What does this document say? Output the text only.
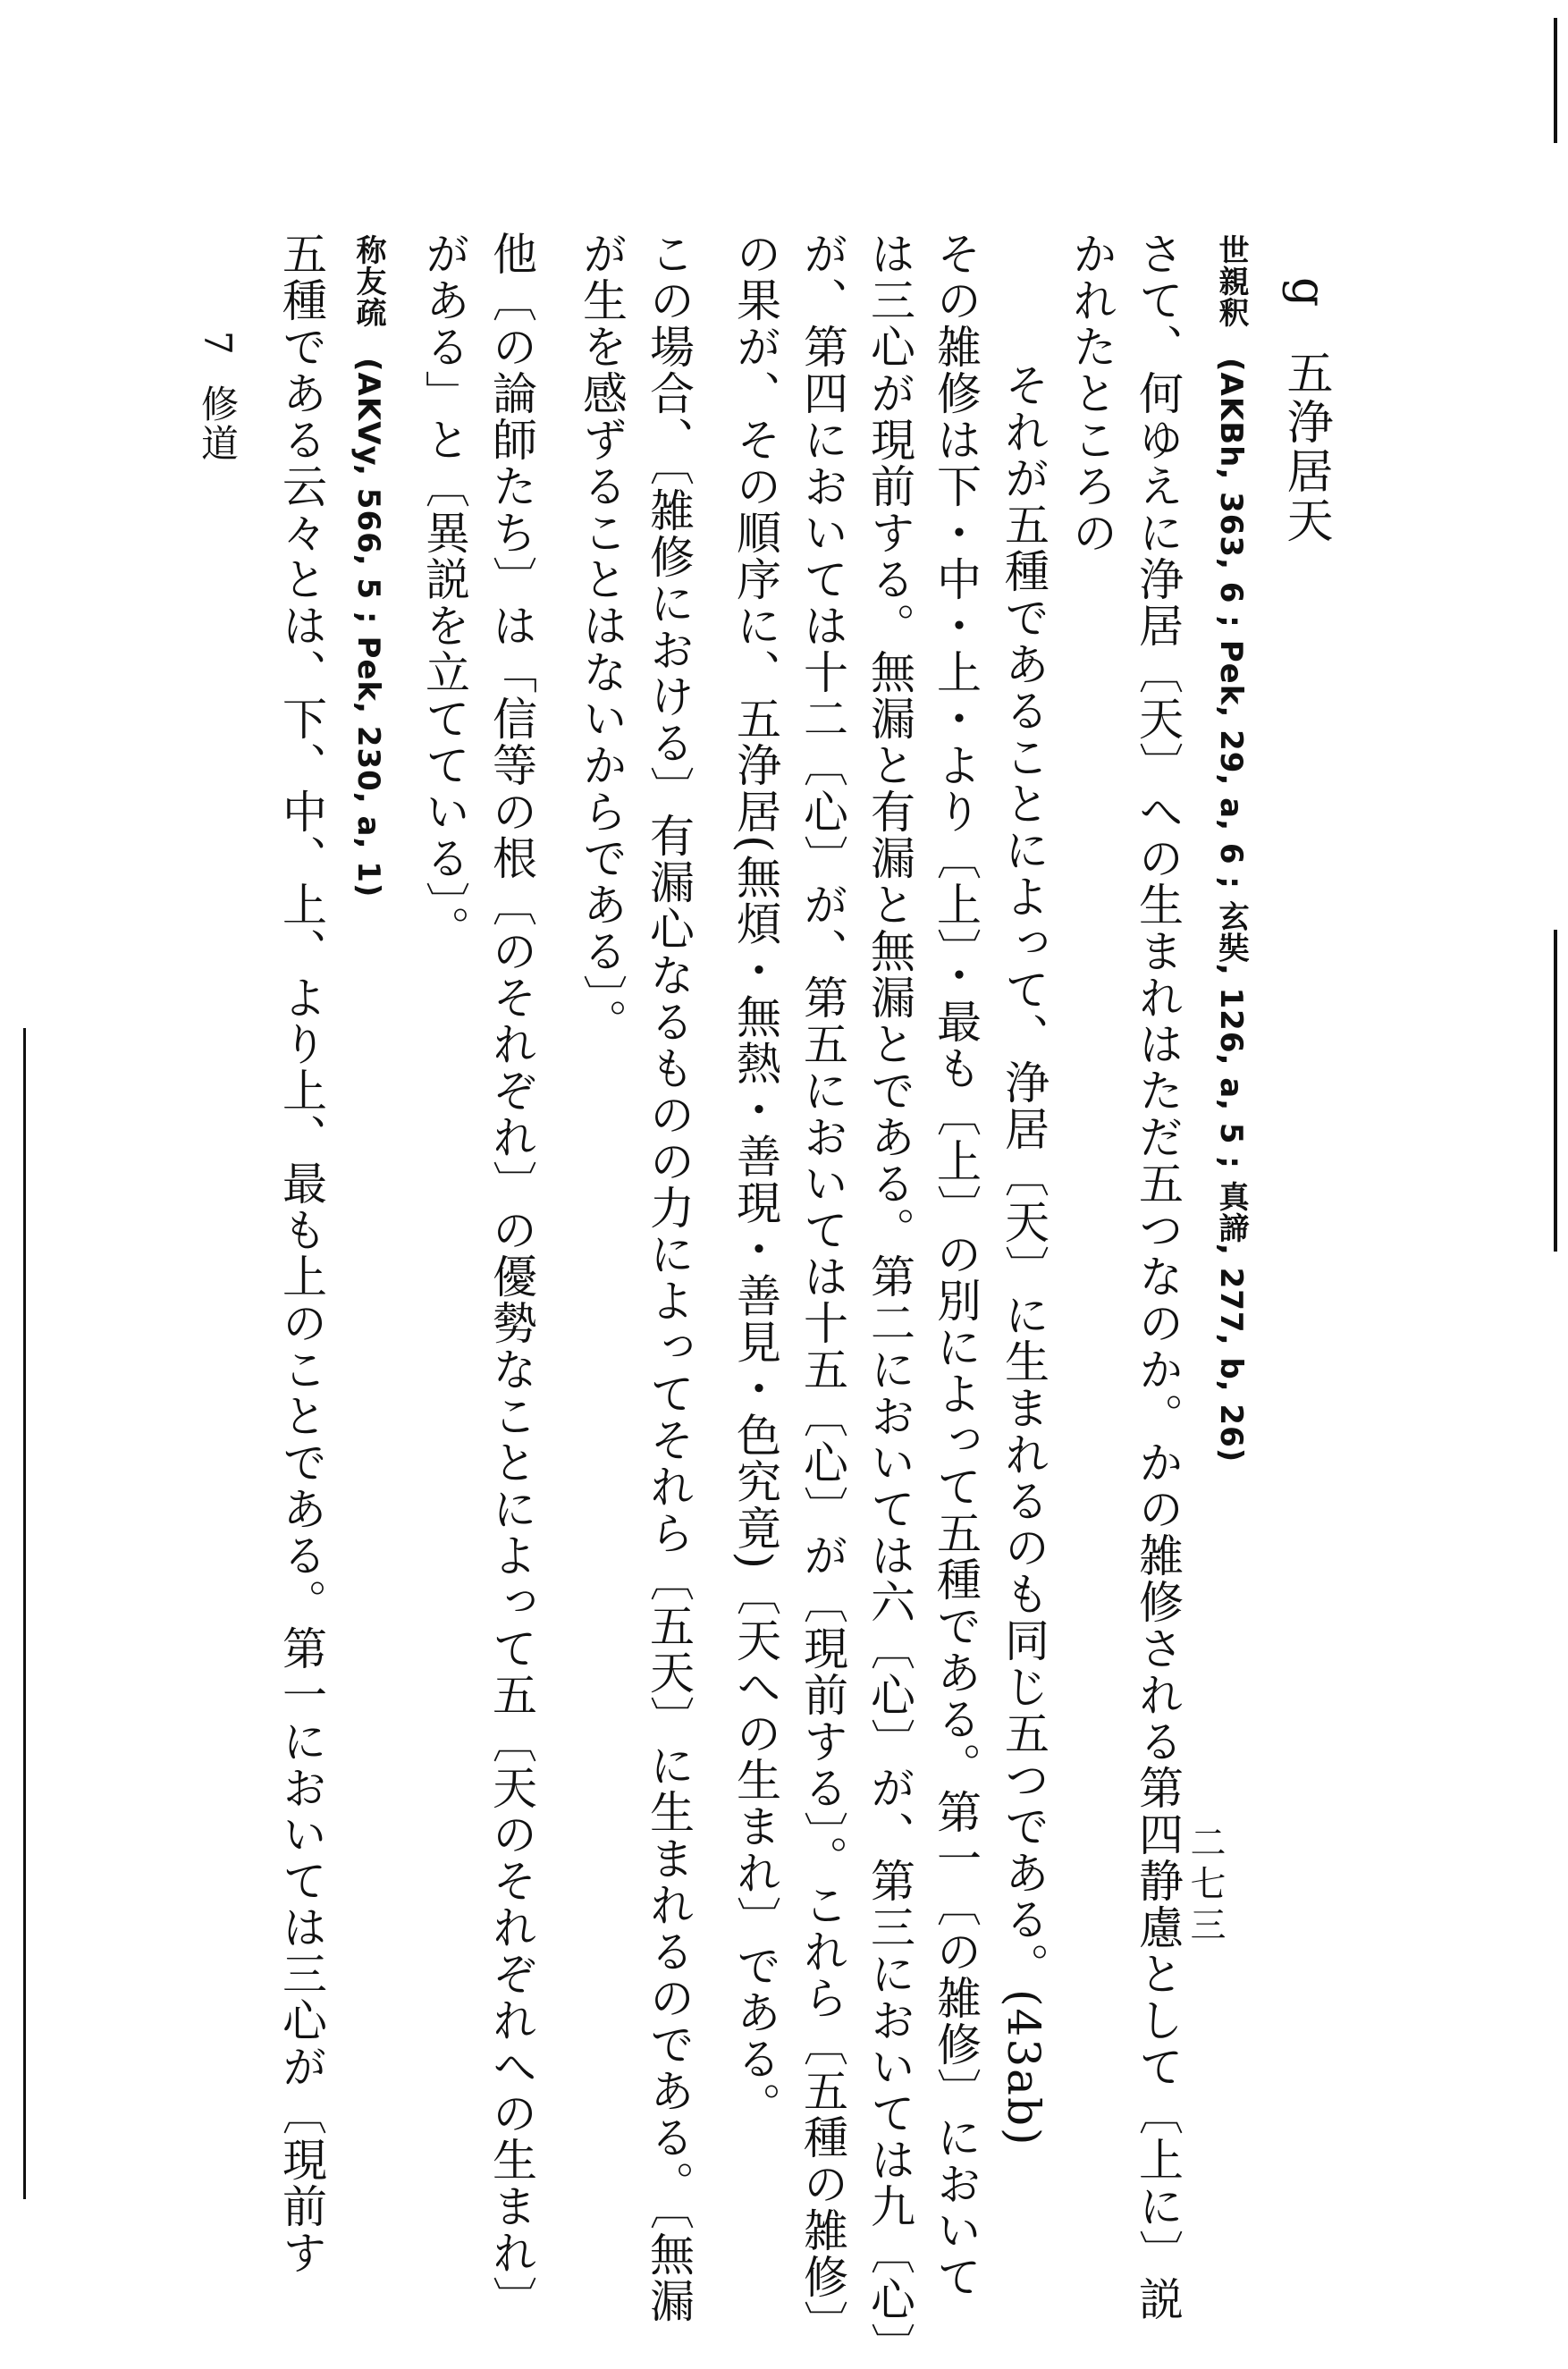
g
五浄居天
世親釈
(AKBh, 363, 6 ; Pek, 29, a, 6 ; 玄奘, 126, a, 5 ; 真諦, 277, b, 26)
さて、何ゆえに浄居〔天〕への生まれはただ五つなのか。かの雑修される第四静慮として〔上に〕説
かれたところの
それが五種であることによって、浄居〔天〕に生まれるのも同じ五つである。(43ab)
その雑修は下・中・上・より〔上〕・最も〔上〕の別によって五種である。第一〔の雑修〕において
は三心が現前する。無漏と有漏と無漏とである。第二においては六〔心〕が、第三においては九〔心〕
が、第四においては十二〔心〕が、第五においては十五〔心〕が〔現前する〕。これら〔五種の雑修〕
の果が、その順序に、五浄居(無煩・無熱・善現・善見・色究竟)〔天への生まれ〕である。
この場合、〔雑修における〕有漏心なるものの力によってそれら〔五天〕に生まれるのである。〔無漏
が生を感ずることはないからである〕。
他〔の論師たち〕は「信等の根〔のそれぞれ〕の優勢なことによって五〔天のそれぞれへの生まれ〕
がある」と〔異説を立てている〕。
称友疏
(AKVy, 566, 5 ; Pek, 230, a, 1)
五種である云々とは、下、中、上、より上、最も上のことである。第一においては三心が〔現前す
7
修道
二七三
